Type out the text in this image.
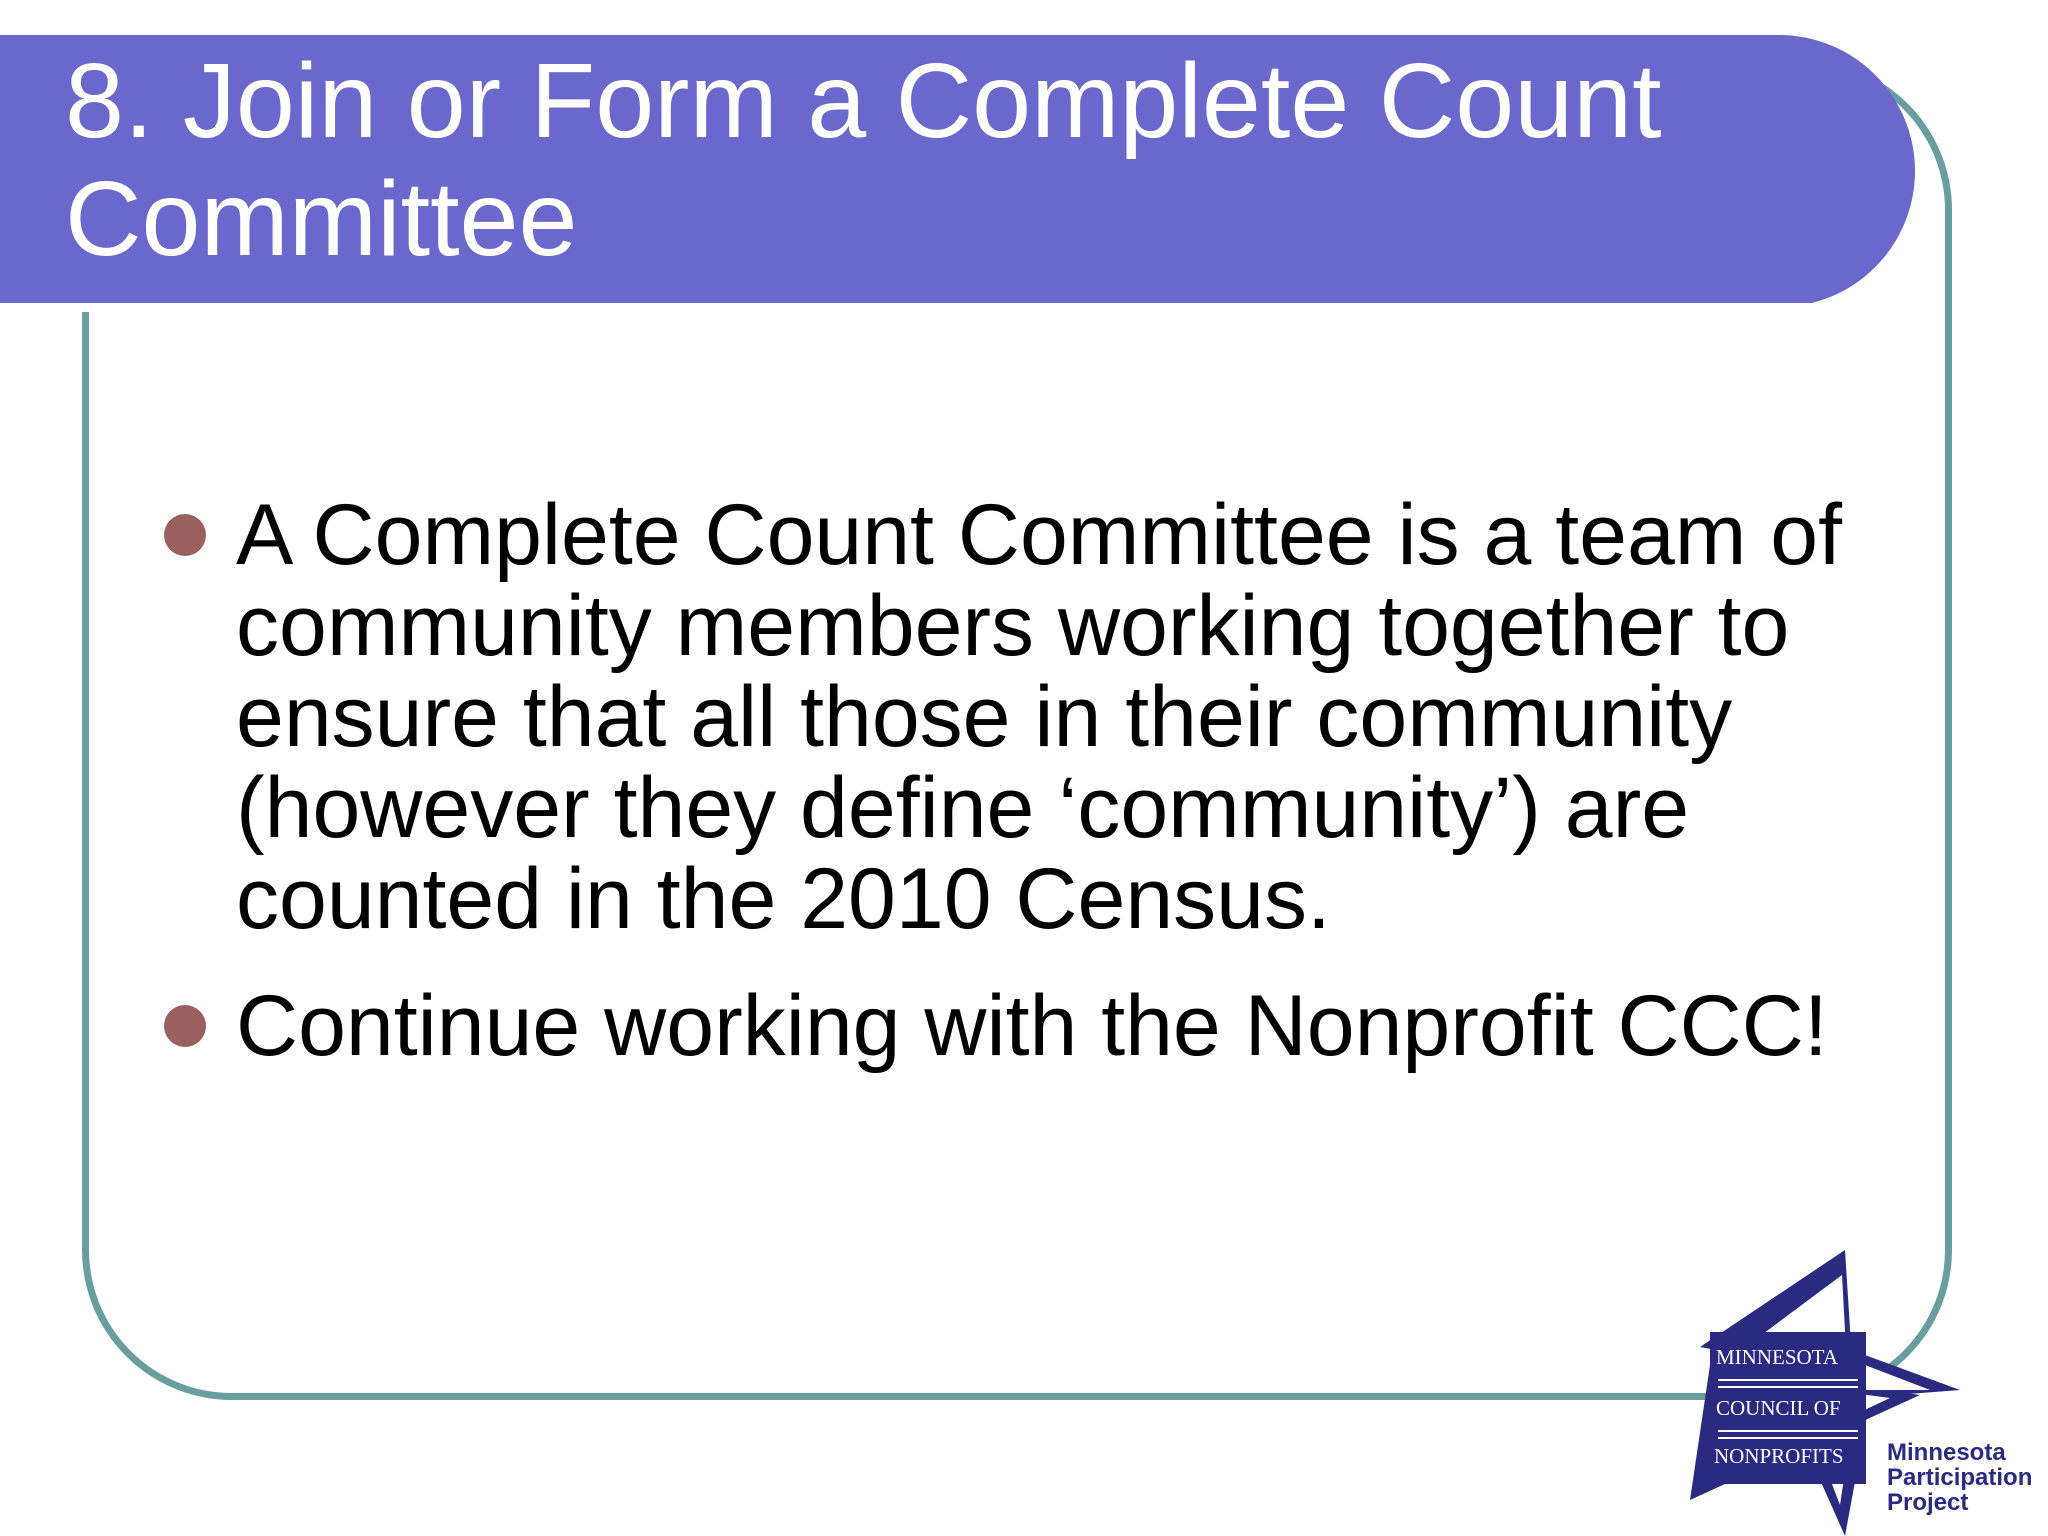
8. Join or Form a Complete Count Committee
A Complete Count Committee is a team of community members working together to ensure that all those in their community (however they define ‘community’) are counted in the 2010 Census.
Continue working with the Nonprofit CCC!
MINNESOTA
COUNCIL OF
NONPROFITS Minnesota
Participation
Project
